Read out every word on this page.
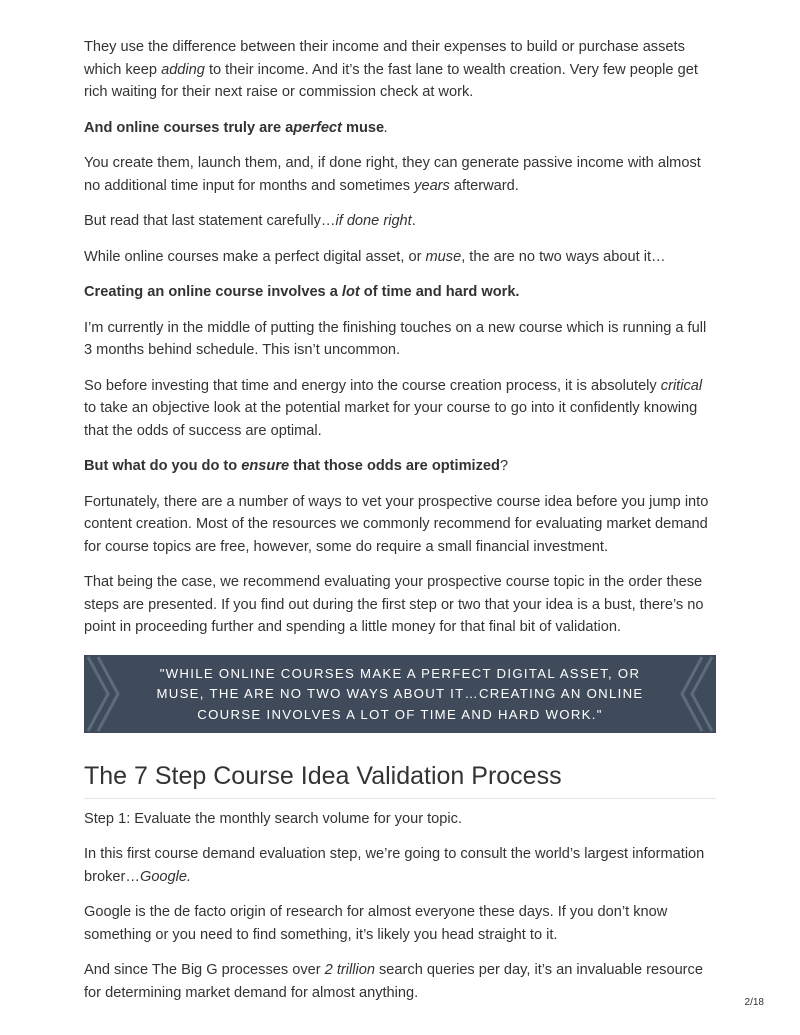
They use the difference between their income and their expenses to build or purchase assets which keep adding to their income. And it’s the fast lane to wealth creation. Very few people get rich waiting for their next raise or commission check at work.

And online courses truly are aperfect muse.

You create them, launch them, and, if done right, they can generate passive income with almost no additional time input for months and sometimes years afterward.

But read that last statement carefully…if done right.

While online courses make a perfect digital asset, or muse, the are no two ways about it…

Creating an online course involves a lot of time and hard work.

I’m currently in the middle of putting the finishing touches on a new course which is running a full 3 months behind schedule. This isn’t uncommon.

So before investing that time and energy into the course creation process, it is absolutely critical to take an objective look at the potential market for your course to go into it confidently knowing that the odds of success are optimal.

But what do you do to ensure that those odds are optimized?

Fortunately, there are a number of ways to vet your prospective course idea before you jump into content creation. Most of the resources we commonly recommend for evaluating market demand for course topics are free, however, some do require a small financial investment.

That being the case, we recommend evaluating your prospective course topic in the order these steps are presented. If you find out during the first step or two that your idea is a bust, there’s no point in proceeding further and spending a little money for that final bit of validation.

"WHILE ONLINE COURSES MAKE A PERFECT DIGITAL ASSET, OR MUSE, THE ARE NO TWO WAYS ABOUT IT…CREATING AN ONLINE COURSE INVOLVES A LOT OF TIME AND HARD WORK."
The 7 Step Course Idea Validation Process

Step 1: Evaluate the monthly search volume for your topic.

In this first course demand evaluation step, we’re going to consult the world’s largest information broker…Google.

Google is the de facto origin of research for almost everyone these days. If you don’t know something or you need to find something, it’s likely you head straight to it.

And since The Big G processes over 2 trillion search queries per day, it’s an invaluable resource for determining market demand for almost anything.

2/18
